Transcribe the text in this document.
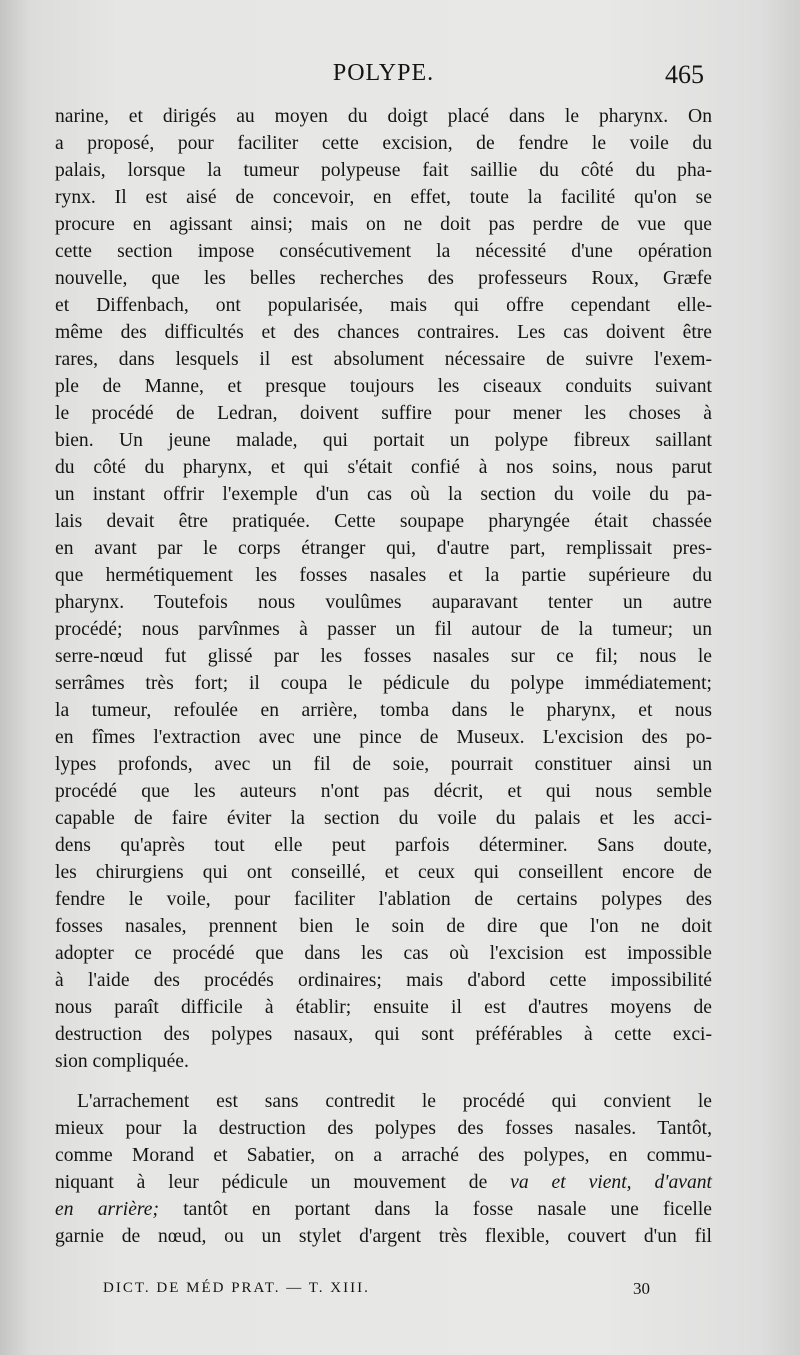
POLYPE.	465
narine, et dirigés au moyen du doigt placé dans le pharynx. On
a proposé, pour faciliter cette excision, de fendre le voile du
palais, lorsque la tumeur polypeuse fait saillie du côté du pha-
rynx. Il est aisé de concevoir, en effet, toute la facilité qu'on se
procure en agissant ainsi; mais on ne doit pas perdre de vue que
cette section impose consécutivement la nécessité d'une opération
nouvelle, que les belles recherches des professeurs Roux, Græfe
et Diffenbach, ont popularisée, mais qui offre cependant elle-
même des difficultés et des chances contraires. Les cas doivent être
rares, dans lesquels il est absolument nécessaire de suivre l'exem-
ple de Manne, et presque toujours les ciseaux conduits suivant
le procédé de Ledran, doivent suffire pour mener les choses à
bien. Un jeune malade, qui portait un polype fibreux saillant
du côté du pharynx, et qui s'était confié à nos soins, nous parut
un instant offrir l'exemple d'un cas où la section du voile du pa-
lais devait être pratiquée. Cette soupape pharyngée était chassée
en avant par le corps étranger qui, d'autre part, remplissait pres-
que hermétiquement les fosses nasales et la partie supérieure du
pharynx. Toutefois nous voulûmes auparavant tenter un autre
procédé; nous parvînmes à passer un fil autour de la tumeur; un
serre-nœud fut glissé par les fosses nasales sur ce fil; nous le
serrâmes très fort; il coupa le pédicule du polype immédiatement;
la tumeur, refoulée en arrière, tomba dans le pharynx, et nous
en fîmes l'extraction avec une pince de Museux. L'excision des po-
lypes profonds, avec un fil de soie, pourrait constituer ainsi un
procédé que les auteurs n'ont pas décrit, et qui nous semble
capable de faire éviter la section du voile du palais et les acci-
dens qu'après tout elle peut parfois déterminer. Sans doute,
les chirurgiens qui ont conseillé, et ceux qui conseillent encore de
fendre le voile, pour faciliter l'ablation de certains polypes des
fosses nasales, prennent bien le soin de dire que l'on ne doit
adopter ce procédé que dans les cas où l'excision est impossible
à l'aide des procédés ordinaires; mais d'abord cette impossibilité
nous paraît difficile à établir; ensuite il est d'autres moyens de
destruction des polypes nasaux, qui sont préférables à cette exci-
sion compliquée.
L'arrachement est sans contredit le procédé qui convient le
mieux pour la destruction des polypes des fosses nasales. Tantôt,
comme Morand et Sabatier, on a arraché des polypes, en commu-
niquant à leur pédicule un mouvement de va et vient, d'avant
en arrière; tantôt en portant dans la fosse nasale une ficelle
garnie de nœud, ou un stylet d'argent très flexible, couvert d'un fil
DICT. DE MÉD PRAT. — T. XIII.	30
